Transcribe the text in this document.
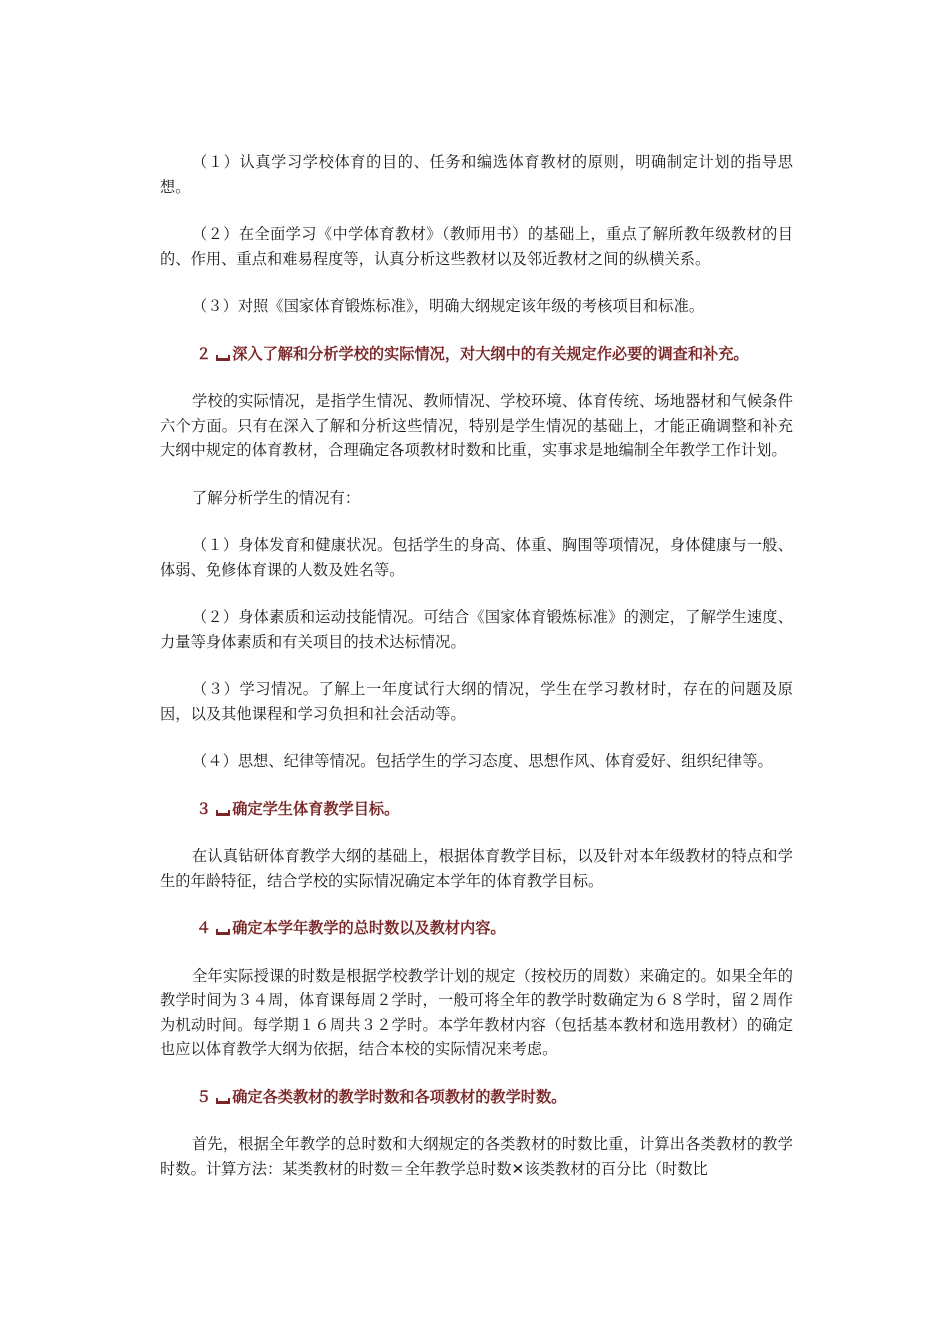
（１）认真学习学校体育的目的、任务和编选体育教材的原则，明确制定计划的指导思想。

（２）在全面学习《中学体育教材》（教师用书）的基础上，重点了解所教年级教材的目的、作用、重点和难易程度等，认真分析这些教材以及邻近教材之间的纵横关系。

（３）对照《国家体育锻炼标准》，明确大纲规定该年级的考核项目和标准。

２ 深入了解和分析学校的实际情况，对大纲中的有关规定作必要的调查和补充。

学校的实际情况，是指学生情况、教师情况、学校环境、体育传统、场地器材和气候条件六个方面。只有在深入了解和分析这些情况，特别是学生情况的基础上，才能正确调整和补充大纲中规定的体育教材，合理确定各项教材时数和比重，实事求是地编制全年教学工作计划。

了解分析学生的情况有：

（１）身体发育和健康状况。包括学生的身高、体重、胸围等项情况，身体健康与一般、体弱、免修体育课的人数及姓名等。

（２）身体素质和运动技能情况。可结合《国家体育锻炼标准》的测定，了解学生速度、力量等身体素质和有关项目的技术达标情况。

（３）学习情况。了解上一年度试行大纲的情况，学生在学习教材时，存在的问题及原因，以及其他课程和学习负担和社会活动等。

（４）思想、纪律等情况。包括学生的学习态度、思想作风、体育爱好、组织纪律等。

３ 确定学生体育教学目标。

在认真钻研体育教学大纲的基础上，根据体育教学目标，以及针对本年级教材的特点和学生的年龄特征，结合学校的实际情况确定本学年的体育教学目标。

４ 确定本学年教学的总时数以及教材内容。

全年实际授课的时数是根据学校教学计划的规定（按校历的周数）来确定的。如果全年的教学时间为３４周，体育课每周２学时，一般可将全年的教学时数确定为６８学时，留２周作为机动时间。每学期１６周共３２学时。本学年教材内容（包括基本教材和选用教材）的确定也应以体育教学大纲为依据，结合本校的实际情况来考虑。

５ 确定各类教材的教学时数和各项教材的教学时数。

首先，根据全年教学的总时数和大纲规定的各类教材的时数比重，计算出各类教材的教学时数。计算方法：某类教材的时数＝全年教学总时数✕该类教材的百分比（时数比
